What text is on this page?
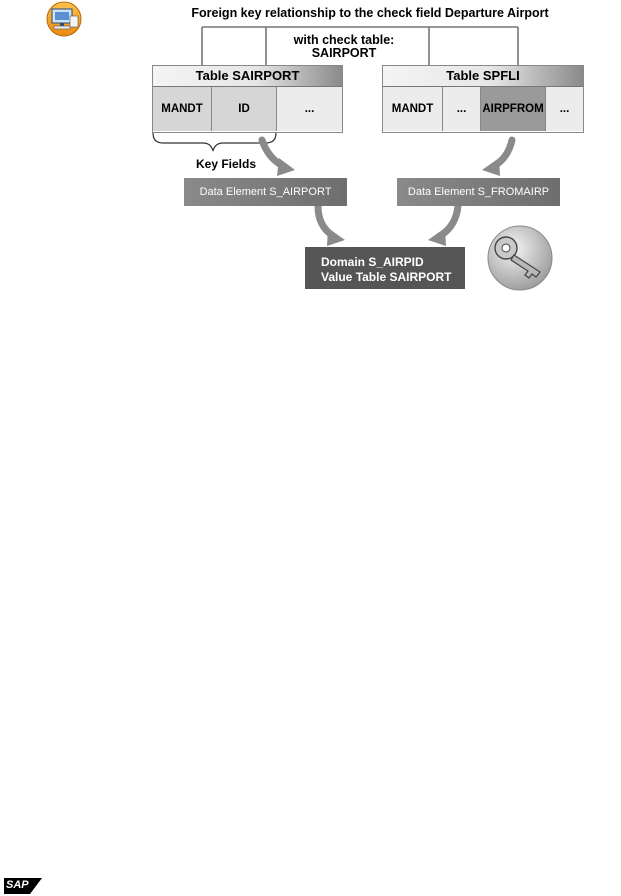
Foreign key relationship to the check field Departure Airport
with check table:
SAIRPORT
Table SAIRPORT
MANDT	ID	...
Table SPFLI
MANDT	...	AIRPFROM	...
Key Fields
Data Element S_AIRPORT	Data Element S_FROMAIRP
Domain S_AIRPID
Value Table SAIRPORT
SAP
